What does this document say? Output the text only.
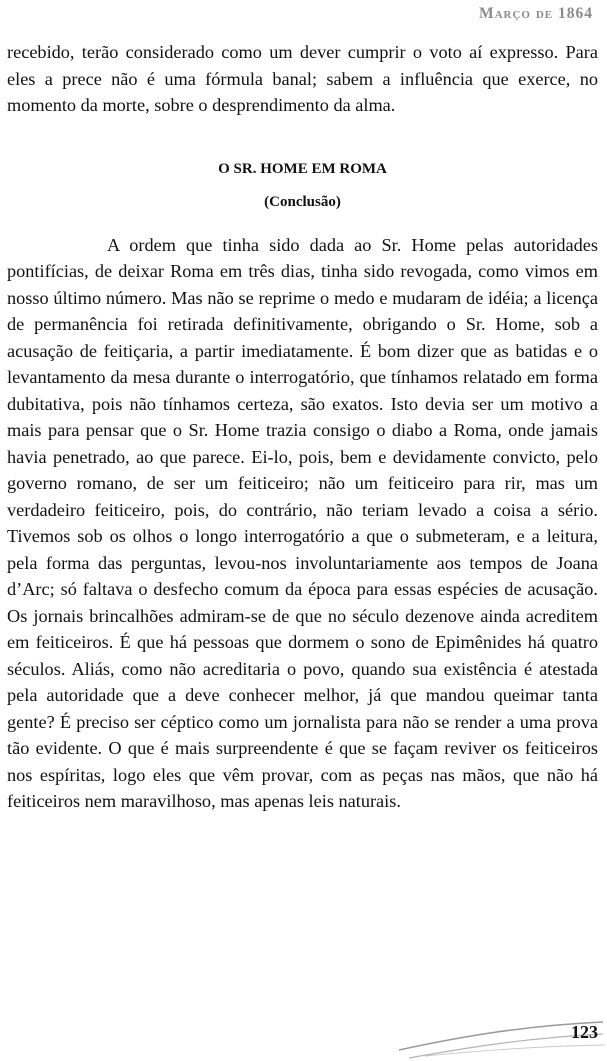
Março de 1864

recebido, terão considerado como um dever cumprir o voto aí expresso. Para eles a prece não é uma fórmula banal; sabem a influência que exerce, no momento da morte, sobre o desprendimento da alma.

O SR. HOME EM ROMA
(Conclusão)

A ordem que tinha sido dada ao Sr. Home pelas autoridades pontifícias, de deixar Roma em três dias, tinha sido revogada, como vimos em nosso último número. Mas não se reprime o medo e mudaram de idéia; a licença de permanência foi retirada definitivamente, obrigando o Sr. Home, sob a acusação de feitiçaria, a partir imediatamente. É bom dizer que as batidas e o levantamento da mesa durante o interrogatório, que tínhamos relatado em forma dubitativa, pois não tínhamos certeza, são exatos. Isto devia ser um motivo a mais para pensar que o Sr. Home trazia consigo o diabo a Roma, onde jamais havia penetrado, ao que parece. Ei-lo, pois, bem e devidamente convicto, pelo governo romano, de ser um feiticeiro; não um feiticeiro para rir, mas um verdadeiro feiticeiro, pois, do contrário, não teriam levado a coisa a sério. Tivemos sob os olhos o longo interrogatório a que o submeteram, e a leitura, pela forma das perguntas, levou-nos involuntariamente aos tempos de Joana d’Arc; só faltava o desfecho comum da época para essas espécies de acusação. Os jornais brincalhões admiram-se de que no século dezenove ainda acreditem em feiticeiros. É que há pessoas que dormem o sono de Epimênides há quatro séculos. Aliás, como não acreditaria o povo, quando sua existência é atestada pela autoridade que a deve conhecer melhor, já que mandou queimar tanta gente? É preciso ser céptico como um jornalista para não se render a uma prova tão evidente. O que é mais surpreendente é que se façam reviver os feiticeiros nos espíritas, logo eles que vêm provar, com as peças nas mãos, que não há feiticeiros nem maravilhoso, mas apenas leis naturais.

123
